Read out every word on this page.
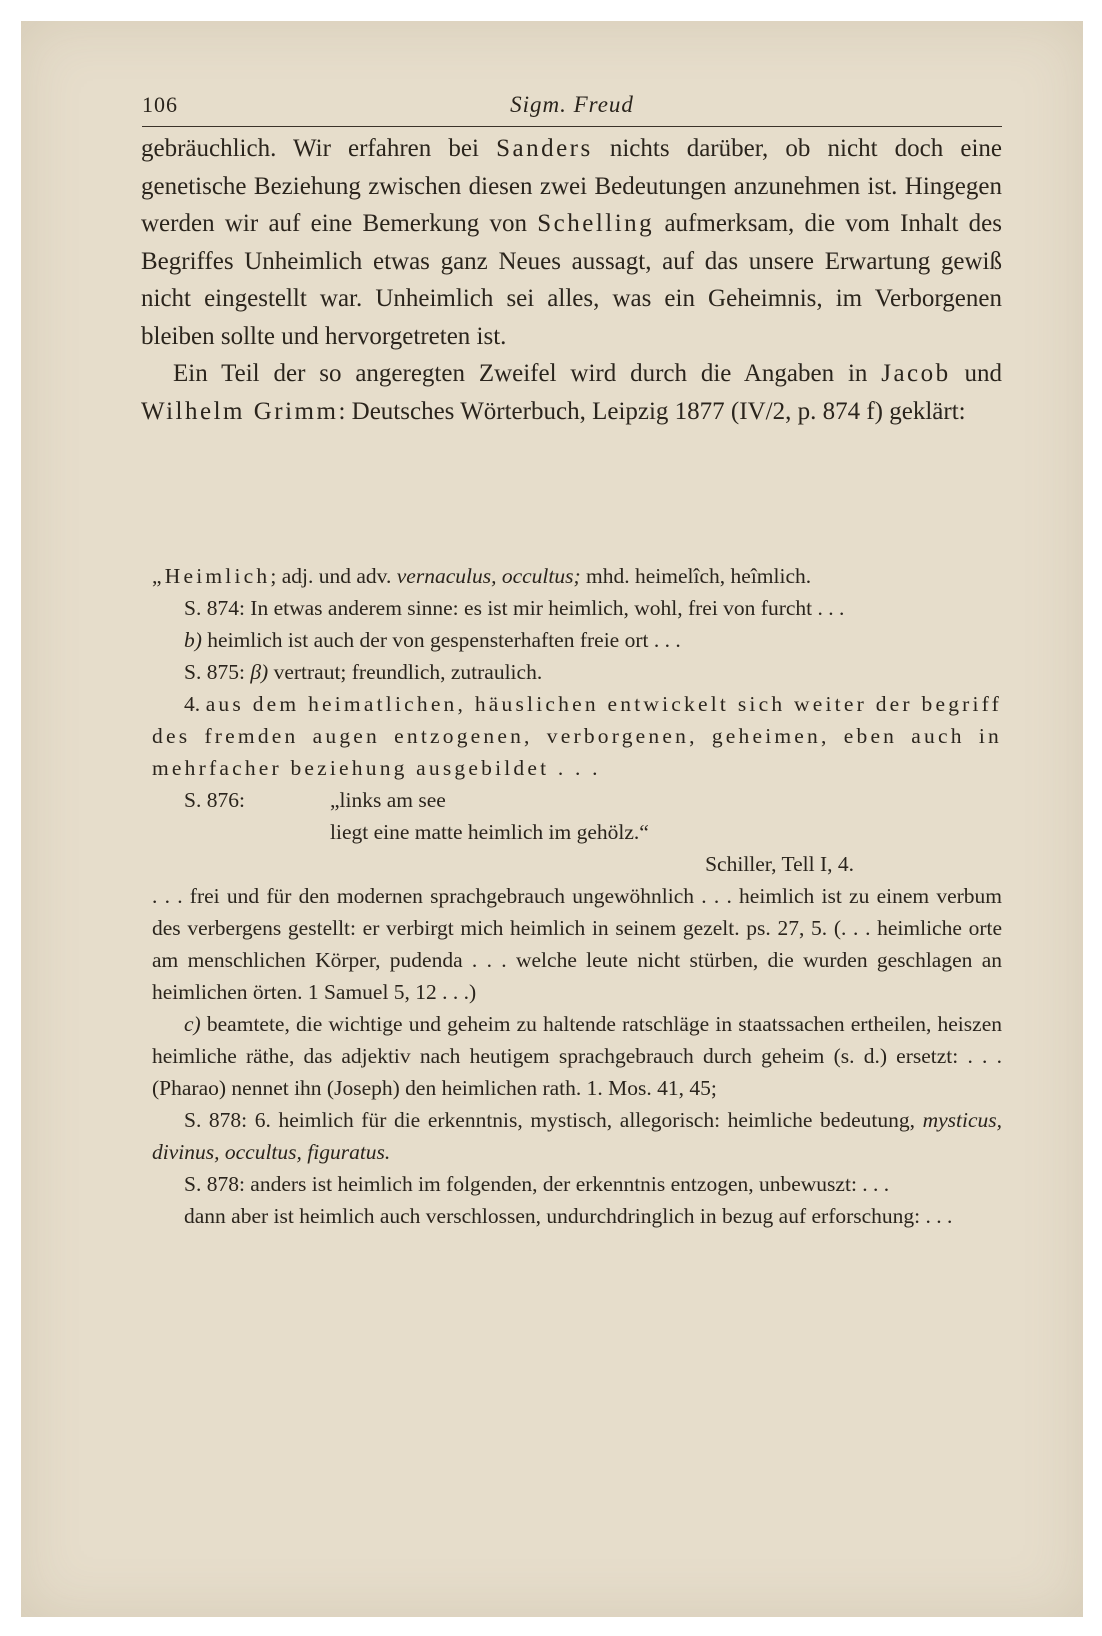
106	Sigm. Freud

gebräuchlich. Wir erfahren bei Sanders nichts darüber, ob nicht doch eine genetische Beziehung zwischen diesen zwei Bedeutungen anzunehmen ist. Hingegen werden wir auf eine Bemerkung von Schelling aufmerksam, die vom Inhalt des Begriffes Unheimlich etwas ganz Neues aussagt, auf das unsere Erwartung gewiß nicht eingestellt war. Unheimlich sei alles, was ein Geheimnis, im Verborgenen bleiben sollte und hervorgetreten ist.

Ein Teil der so angeregten Zweifel wird durch die Angaben in Jacob und Wilhelm Grimm: Deutsches Wörterbuch, Leipzig 1877 (IV/2, p. 874 f) geklärt:

„Heimlich; adj. und adv. vernaculus, occultus; mhd. heimelîch, heîmlich.

S. 874: In etwas anderem sinne: es ist mir heimlich, wohl, frei von furcht . . .

b) heimlich ist auch der von gespensterhaften freie ort . . .

S. 875: β) vertraut; freundlich, zutraulich.

4. aus dem heimatlichen, häuslichen entwickelt sich weiter der begriff des fremden augen entzogenen, verborgenen, geheimen, eben auch in mehrfacher beziehung ausgebildet . . .

S. 876:	„links am see
liegt eine matte heimlich im gehölz.“

Schiller, Tell I, 4.

. . . frei und für den modernen sprachgebrauch ungewöhnlich . . . heimlich ist zu einem verbum des verbergens gestellt: er verbirgt mich heimlich in seinem gezelt. ps. 27, 5. (. . . heimliche orte am menschlichen Körper, pudenda . . . welche leute nicht stürben, die wurden geschlagen an heimlichen örten. 1 Samuel 5, 12 . . .)

c) beamtete, die wichtige und geheim zu haltende ratschläge in staatssachen ertheilen, heiszen heimliche räthe, das adjektiv nach heutigem sprachgebrauch durch geheim (s. d.) ersetzt: . . . (Pharao) nennet ihn (Joseph) den heimlichen rath. 1. Mos. 41, 45;

S. 878: 6. heimlich für die erkenntnis, mystisch, allegorisch: heimliche bedeutung, mysticus, divinus, occultus, figuratus.

S. 878: anders ist heimlich im folgenden, der erkenntnis entzogen, unbewuszt: . . .

dann aber ist heimlich auch verschlossen, undurchdringlich in bezug auf erforschung: . . .
